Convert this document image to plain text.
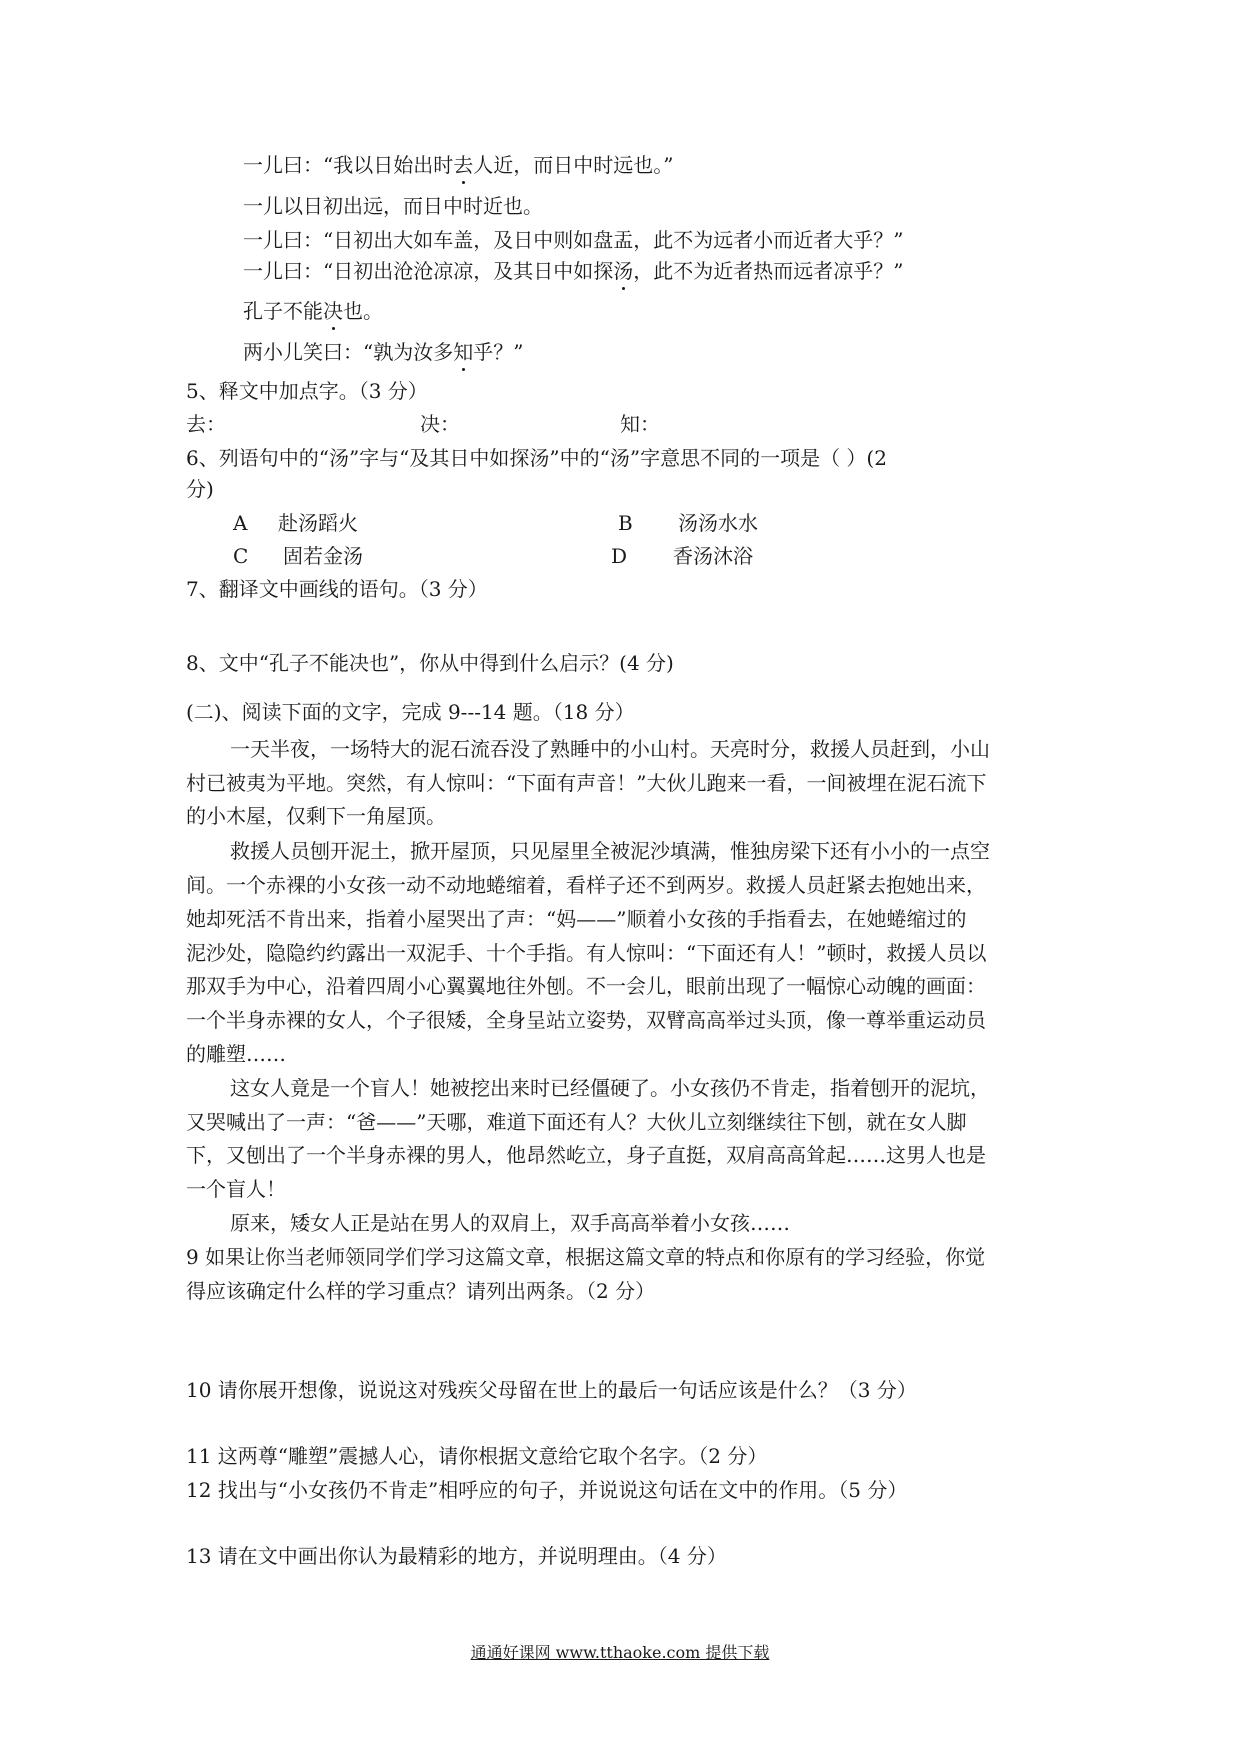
一儿曰：“我以日始出时去人近，而日中时远也。”
一儿以日初出远，而日中时近也。
一儿曰：“日初出大如车盖，及日中则如盘盂，此不为远者小而近者大乎？”
一儿曰：“日初出沧沧凉凉，及其日中如探汤，此不为近者热而远者凉乎？”
孔子不能决也。
两小儿笑曰：“孰为汝多知乎？”
5、释文中加点字。（3 分）
去：	决：	知：
6、列语句中的“汤”字与“及其日中如探汤”中的“汤”字意思不同的一项是（ ）(2
分)
A 赴汤蹈火	B 汤汤水水
C 固若金汤	D 香汤沐浴
7、翻译文中画线的语句。（3 分）
8、文中“孔子不能决也”，你从中得到什么启示？(4 分)
(二)、阅读下面的文字，完成 9---14 题。（18 分）
一天半夜，一场特大的泥石流吞没了熟睡中的小山村。天亮时分，救援人员赶到，小山
村已被夷为平地。突然，有人惊叫：“下面有声音！”大伙儿跑来一看，一间被埋在泥石流下
的小木屋，仅剩下一角屋顶。
救援人员刨开泥土，掀开屋顶，只见屋里全被泥沙填满，惟独房梁下还有小小的一点空
间。一个赤裸的小女孩一动不动地蜷缩着，看样子还不到两岁。救援人员赶紧去抱她出来，
她却死活不肯出来，指着小屋哭出了声：“妈——”顺着小女孩的手指看去，在她蜷缩过的
泥沙处，隐隐约约露出一双泥手、十个手指。有人惊叫：“下面还有人！”顿时，救援人员以
那双手为中心，沿着四周小心翼翼地往外刨。不一会儿，眼前出现了一幅惊心动魄的画面：
一个半身赤裸的女人，个子很矮，全身呈站立姿势，双臂高高举过头顶，像一尊举重运动员
的雕塑……
这女人竟是一个盲人！她被挖出来时已经僵硬了。小女孩仍不肯走，指着刨开的泥坑，
又哭喊出了一声：“爸——”天哪，难道下面还有人？大伙儿立刻继续往下刨，就在女人脚
下，又刨出了一个半身赤裸的男人，他昂然屹立，身子直挺，双肩高高耸起……这男人也是
一个盲人！
原来，矮女人正是站在男人的双肩上，双手高高举着小女孩……
9 如果让你当老师领同学们学习这篇文章，根据这篇文章的特点和你原有的学习经验，你觉
得应该确定什么样的学习重点？请列出两条。（2 分）
10 请你展开想像，说说这对残疾父母留在世上的最后一句话应该是什么？（3 分）
11 这两尊“雕塑”震撼人心，请你根据文意给它取个名字。（2 分）
12 找出与“小女孩仍不肯走”相呼应的句子，并说说这句话在文中的作用。（5 分）
13 请在文中画出你认为最精彩的地方，并说明理由。（4 分）
通通好课网 www.tthaoke.com 提供下载
